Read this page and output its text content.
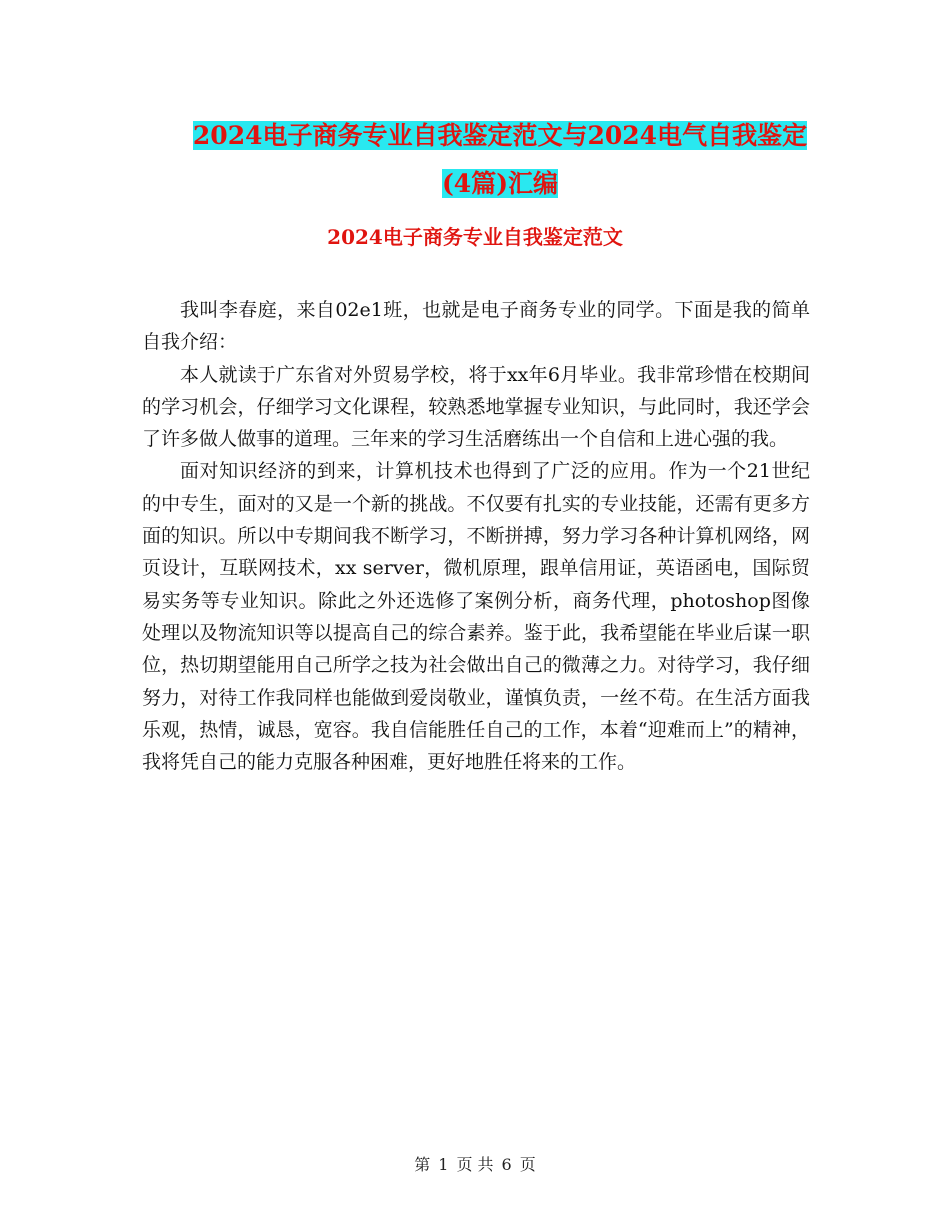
2024电子商务专业自我鉴定范文与2024电气自我鉴定
(4篇)汇编
2024电子商务专业自我鉴定范文

我叫李春庭，来自02e1班，也就是电子商务专业的同学。下面是我的简单自我介绍：

本人就读于广东省对外贸易学校，将于xx年6月毕业。我非常珍惜在校期间的学习机会，仔细学习文化课程，较熟悉地掌握专业知识，与此同时，我还学会了许多做人做事的道理。三年来的学习生活磨练出一个自信和上进心强的我。

面对知识经济的到来，计算机技术也得到了广泛的应用。作为一个21世纪的中专生，面对的又是一个新的挑战。不仅要有扎实的专业技能，还需有更多方面的知识。所以中专期间我不断学习，不断拼搏，努力学习各种计算机网络，网页设计，互联网技术，xx server，微机原理，跟单信用证，英语函电，国际贸易实务等专业知识。除此之外还选修了案例分析，商务代理，photoshop图像处理以及物流知识等以提高自己的综合素养。鉴于此，我希望能在毕业后谋一职位，热切期望能用自己所学之技为社会做出自己的微薄之力。对待学习，我仔细努力，对待工作我同样也能做到爱岗敬业，谨慎负责，一丝不苟。在生活方面我乐观，热情，诚恳，宽容。我自信能胜任自己的工作，本着“迎难而上”的精神，我将凭自己的能力克服各种困难，更好地胜任将来的工作。

第 1 页 共 6 页
